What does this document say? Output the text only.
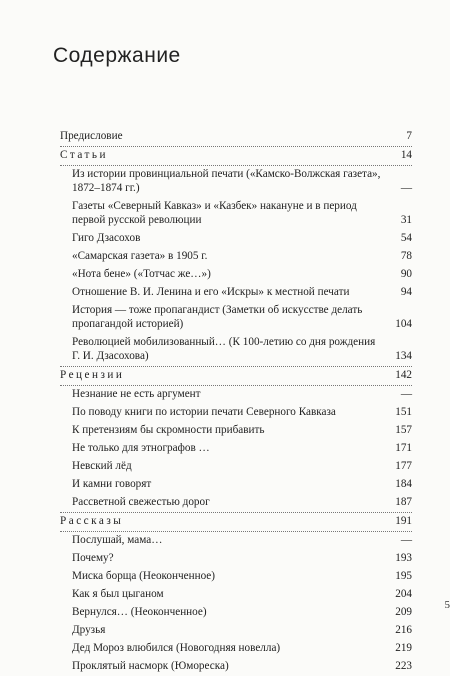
Содержание
Предисловие	7
Статьи	14
Из истории провинциальной печати («Камско-Волжская газета», 1872–1874 гг.)	—
Газеты «Северный Кавказ» и «Казбек» накануне и в период первой русской революции	31
Гиго Дзасохов	54
«Самарская газета» в 1905 г.	78
«Нота бене» («Тотчас же…»)	90
Отношение В. И. Ленина и его «Искры» к местной печати	94
История — тоже пропагандист (Заметки об искусстве делать пропагандой историей)	104
Революцией мобилизованный… (К 100-летию со дня рождения Г. И. Дзасохова)	134
Рецензии	142
Незнание не есть аргумент	—
По поводу книги по истории печати Северного Кавказа	151
К претензиям бы скромности прибавить	157
Не только для этнографов …	171
Невский лёд	177
И камни говорят	184
Рассветной свежестью дорог	187
Рассказы	191
Послушай, мама…	—
Почему?	193
Миска борща (Неоконченное)	195
Как я был цыганом	204
Вернулся… (Неоконченное)	209
Друзья	216
Дед Мороз влюбился (Новогодняя новелла)	219
Проклятый насморк (Юмореска)	223
5
